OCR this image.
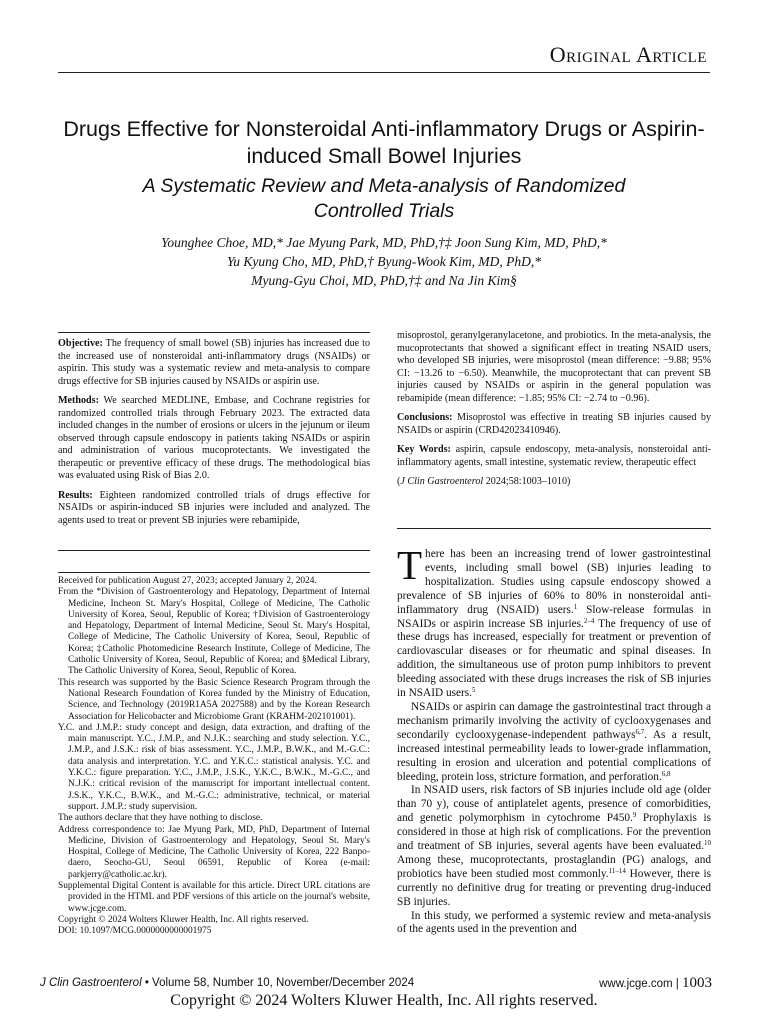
Original Article
Drugs Effective for Nonsteroidal Anti-inflammatory Drugs or Aspirin-induced Small Bowel Injuries
A Systematic Review and Meta-analysis of Randomized Controlled Trials
Younghee Choe, MD,* Jae Myung Park, MD, PhD,†‡ Joon Sung Kim, MD, PhD,*
Yu Kyung Cho, MD, PhD,† Byung-Wook Kim, MD, PhD,*
Myung-Gyu Choi, MD, PhD,†‡ and Na Jin Kim§

Objective: The frequency of small bowel (SB) injuries has increased due to the increased use of nonsteroidal anti-inflammatory drugs (NSAIDs) or aspirin. This study was a systematic review and meta-analysis to compare drugs effective for SB injuries caused by NSAIDs or aspirin use.

Methods: We searched MEDLINE, Embase, and Cochrane registries for randomized controlled trials through February 2023. The extracted data included changes in the number of erosions or ulcers in the jejunum or ileum observed through capsule endoscopy in patients taking NSAIDs or aspirin and administration of various mucoprotectants. We investigated the therapeutic or preventive efficacy of these drugs. The methodological bias was evaluated using Risk of Bias 2.0.

Results: Eighteen randomized controlled trials of drugs effective for NSAIDs or aspirin-induced SB injuries were included and analyzed. The agents used to treat or prevent SB injuries were rebamipide,

misoprostol, geranylgeranylacetone, and probiotics. In the meta-analysis, the mucoprotectants that showed a significant effect in treating NSAID users, who developed SB injuries, were misoprostol (mean difference: −9.88; 95% CI: −13.26 to −6.50). Meanwhile, the mucoprotectant that can prevent SB injuries caused by NSAIDs or aspirin in the general population was rebamipide (mean difference: −1.85; 95% CI: −2.74 to −0.96).

Conclusions: Misoprostol was effective in treating SB injuries caused by NSAIDs or aspirin (CRD42023410946).

Key Words: aspirin, capsule endoscopy, meta-analysis, nonsteroidal anti-inflammatory agents, small intestine, systematic review, therapeutic effect

(J Clin Gastroenterol 2024;58:1003–1010)

Received for publication August 27, 2023; accepted January 2, 2024.

From the *Division of Gastroenterology and Hepatology, Department of Internal Medicine, Incheon St. Mary's Hospital, College of Medicine, The Catholic University of Korea, Seoul, Republic of Korea; †Division of Gastroenterology and Hepatology, Department of Internal Medicine, Seoul St. Mary's Hospital, College of Medicine, The Catholic University of Korea, Seoul, Republic of Korea; ‡Catholic Photomedicine Research Institute, College of Medicine, The Catholic University of Korea, Seoul, Republic of Korea; and §Medical Library, The Catholic University of Korea, Seoul, Republic of Korea.

This research was supported by the Basic Science Research Program through the National Research Foundation of Korea funded by the Ministry of Education, Science, and Technology (2019R1A5A 2027588) and by the Korean Research Association for Helicobacter and Microbiome Grant (KRAHM-202101001).

Y.C. and J.M.P.: study concept and design, data extraction, and drafting of the main manuscript. Y.C., J.M.P., and N.J.K.: searching and study selection. Y.C., J.M.P., and J.S.K.: risk of bias assessment. Y.C., J.M.P., B.W.K., and M.-G.C.: data analysis and interpretation. Y.C. and Y.K.C.: statistical analysis. Y.C. and Y.K.C.: figure preparation. Y.C., J.M.P., J.S.K., Y.K.C., B.W.K., M.-G.C., and N.J.K.: critical revision of the manuscript for important intellectual content. J.S.K., Y.K.C., B.W.K., and M.-G.C.: administrative, technical, or material support. J.M.P.: study supervision.

The authors declare that they have nothing to disclose.

Address correspondence to: Jae Myung Park, MD, PhD, Department of Internal Medicine, Division of Gastroenterology and Hepatology, Seoul St. Mary's Hospital, College of Medicine, The Catholic University of Korea, 222 Banpo-daero, Seocho-GU, Seoul 06591, Republic of Korea (e-mail: parkjerry@catholic.ac.kr).

Supplemental Digital Content is available for this article. Direct URL citations are provided in the HTML and PDF versions of this article on the journal's website, www.jcge.com.

Copyright © 2024 Wolters Kluwer Health, Inc. All rights reserved.

DOI: 10.1097/MCG.0000000000001975

There has been an increasing trend of lower gastrointestinal events, including small bowel (SB) injuries leading to hospitalization. Studies using capsule endoscopy showed a prevalence of SB injuries of 60% to 80% in nonsteroidal anti-inflammatory drug (NSAID) users.$^1$ Slow-release formulas in NSAIDs or aspirin increase SB injuries.$^{2-4}$ The frequency of use of these drugs has increased, especially for treatment or prevention of cardiovascular diseases or for rheumatic and spinal diseases. In addition, the simultaneous use of proton pump inhibitors to prevent bleeding associated with these drugs increases the risk of SB injuries in NSAID users.$^5$

NSAIDs or aspirin can damage the gastrointestinal tract through a mechanism primarily involving the activity of cyclooxygenases and secondarily cyclooxygenase-independent pathways$^{6,7}$. As a result, increased intestinal permeability leads to lower-grade inflammation, resulting in erosion and ulceration and potential complications of bleeding, protein loss, stricture formation, and perforation.$^{6,8}$

In NSAID users, risk factors of SB injuries include old age (older than 70 y), couse of antiplatelet agents, presence of comorbidities, and genetic polymorphism in cytochrome P450.$^9$ Prophylaxis is considered in those at high risk of complications. For the prevention and treatment of SB injuries, several agents have been evaluated.$^{10}$ Among these, mucoprotectants, prostaglandin (PG) analogs, and probiotics have been studied most commonly.$^{11-14}$ However, there is currently no definitive drug for treating or preventing drug-induced SB injuries.

In this study, we performed a systemic review and meta-analysis of the agents used in the prevention and

J Clin Gastroenterol • Volume 58, Number 10, November/December 2024	www.jcge.com | 1003
Copyright © 2024 Wolters Kluwer Health, Inc. All rights reserved.
